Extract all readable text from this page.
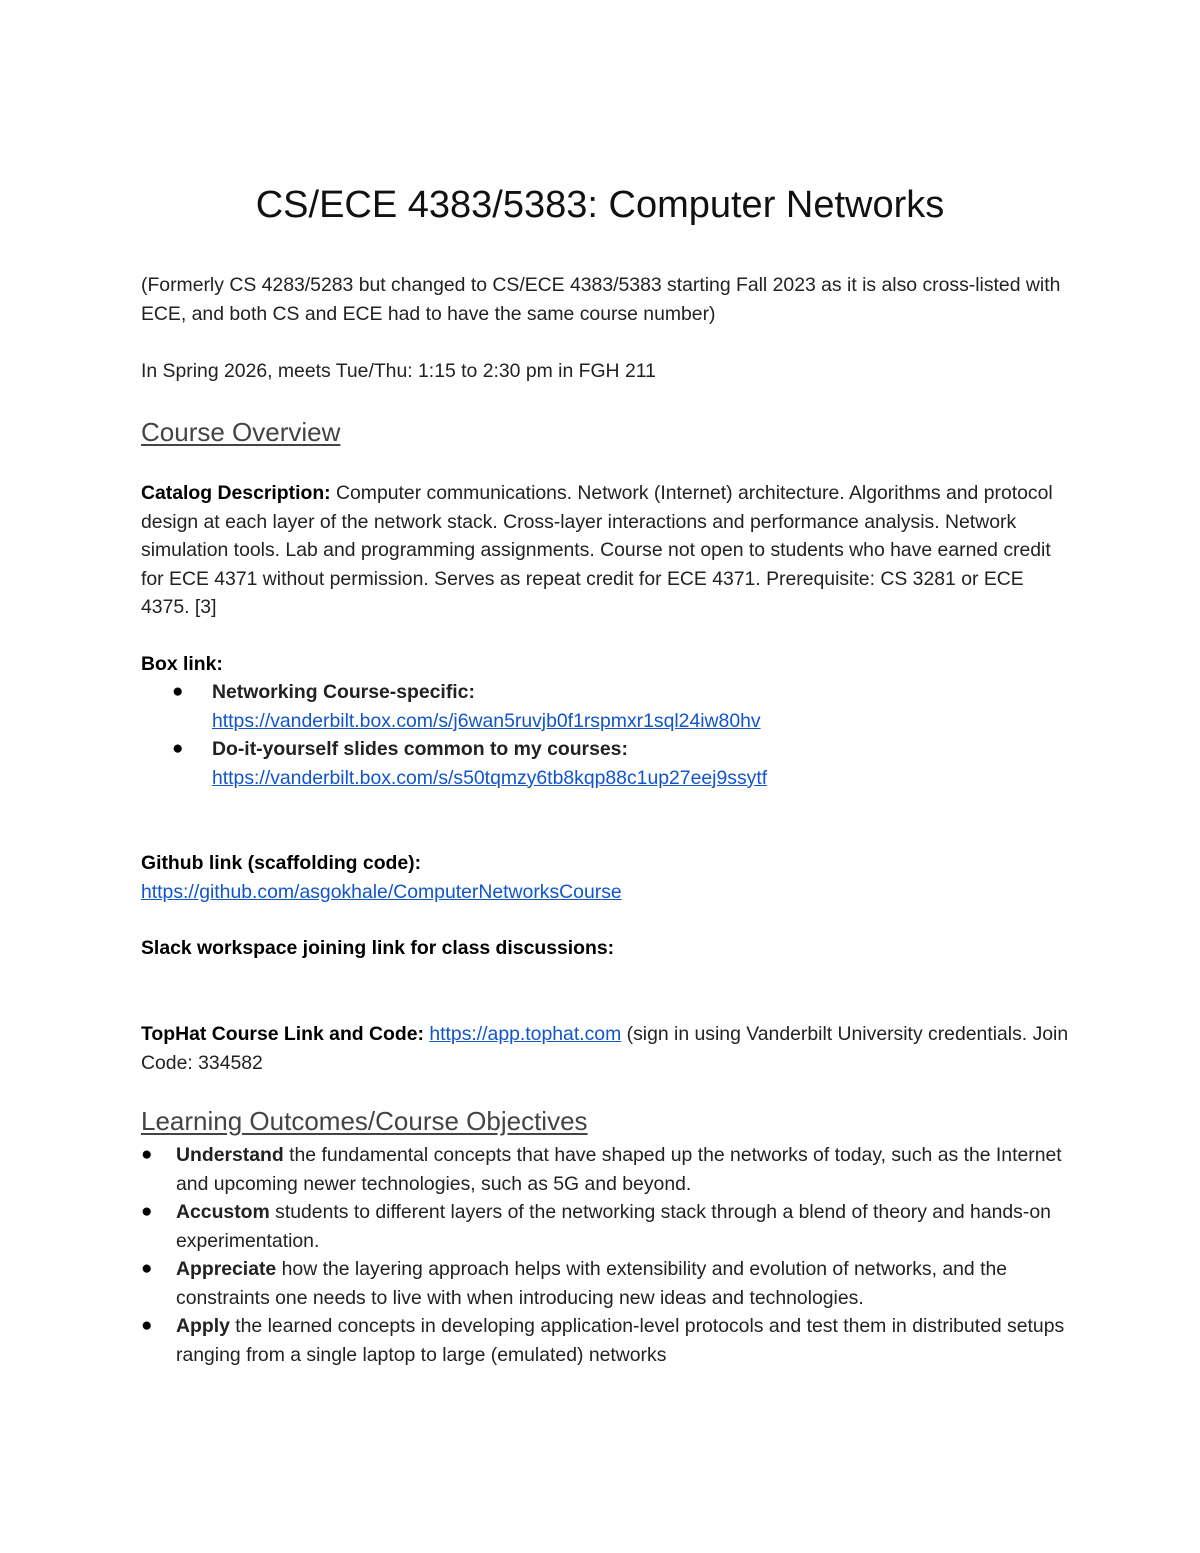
CS/ECE 4383/5383: Computer Networks
(Formerly CS 4283/5283 but changed to CS/ECE 4383/5383 starting Fall 2023 as it is also cross-listed with ECE, and both CS and ECE had to have the same course number)
In Spring 2026, meets Tue/Thu: 1:15 to 2:30 pm in FGH 211
Course Overview
Catalog Description: Computer communications. Network (Internet) architecture. Algorithms and protocol design at each layer of the network stack. Cross-layer interactions and performance analysis. Network simulation tools. Lab and programming assignments. Course not open to students who have earned credit for ECE 4371 without permission. Serves as repeat credit for ECE 4371. Prerequisite: CS 3281 or ECE 4375. [3]
Box link:
● Networking Course-specific:
https://vanderbilt.box.com/s/j6wan5ruvjb0f1rspmxr1sql24iw80hv
● Do-it-yourself slides common to my courses:
https://vanderbilt.box.com/s/s50tqmzy6tb8kqp88c1up27eej9ssytf
Github link (scaffolding code):
https://github.com/asgokhale/ComputerNetworksCourse
Slack workspace joining link for class discussions:
TopHat Course Link and Code: https://app.tophat.com (sign in using Vanderbilt University credentials. Join Code: 334582
Learning Outcomes/Course Objectives
● Understand the fundamental concepts that have shaped up the networks of today, such as the Internet and upcoming newer technologies, such as 5G and beyond.
● Accustom students to different layers of the networking stack through a blend of theory and hands-on experimentation.
● Appreciate how the layering approach helps with extensibility and evolution of networks, and the constraints one needs to live with when introducing new ideas and technologies.
● Apply the learned concepts in developing application-level protocols and test them in distributed setups ranging from a single laptop to large (emulated) networks
